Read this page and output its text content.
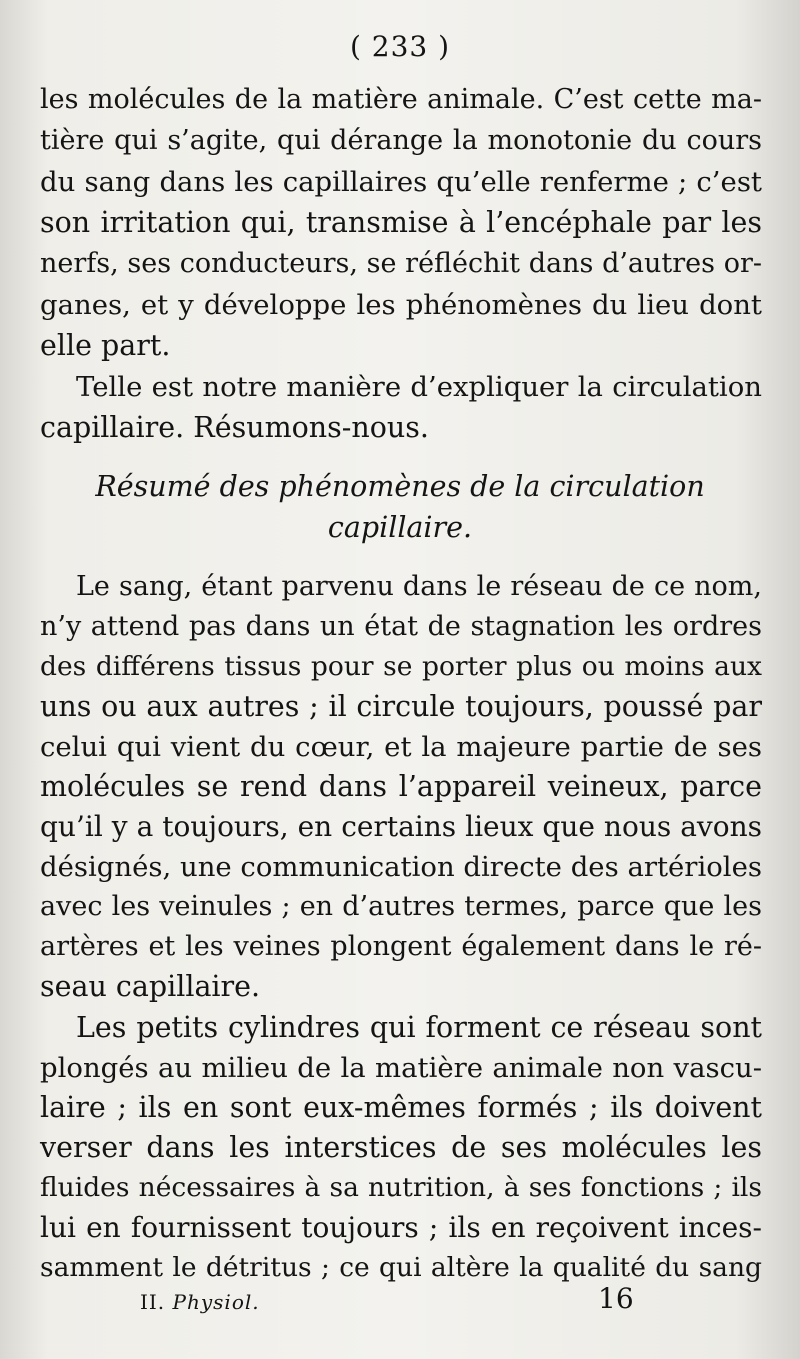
( 233 )
les molécules de la matière animale. C’est cette ma-
tière qui s’agite, qui dérange la monotonie du cours
du sang dans les capillaires qu’elle renferme ; c’est
son irritation qui, transmise à l’encéphale par les
nerfs, ses conducteurs, se réfléchit dans d’autres or-
ganes, et y développe les phénomènes du lieu dont
elle part.
Telle est notre manière d’expliquer la circulation
capillaire. Résumons-nous.
Résumé des phénomènes de la circulation
capillaire.
Le sang, étant parvenu dans le réseau de ce nom,
n’y attend pas dans un état de stagnation les ordres
des différens tissus pour se porter plus ou moins aux
uns ou aux autres ; il circule toujours, poussé par
celui qui vient du cœur, et la majeure partie de ses
molécules se rend dans l’appareil veineux, parce
qu’il y a toujours, en certains lieux que nous avons
désignés, une communication directe des artérioles
avec les veinules ; en d’autres termes, parce que les
artères et les veines plongent également dans le ré-
seau capillaire.
Les petits cylindres qui forment ce réseau sont
plongés au milieu de la matière animale non vascu-
laire ; ils en sont eux-mêmes formés ; ils doivent
verser dans les interstices de ses molécules les
fluides nécessaires à sa nutrition, à ses fonctions ; ils
lui en fournissent toujours ; ils en reçoivent inces-
samment le détritus ; ce qui altère la qualité du sang
II. Physiol.	16
